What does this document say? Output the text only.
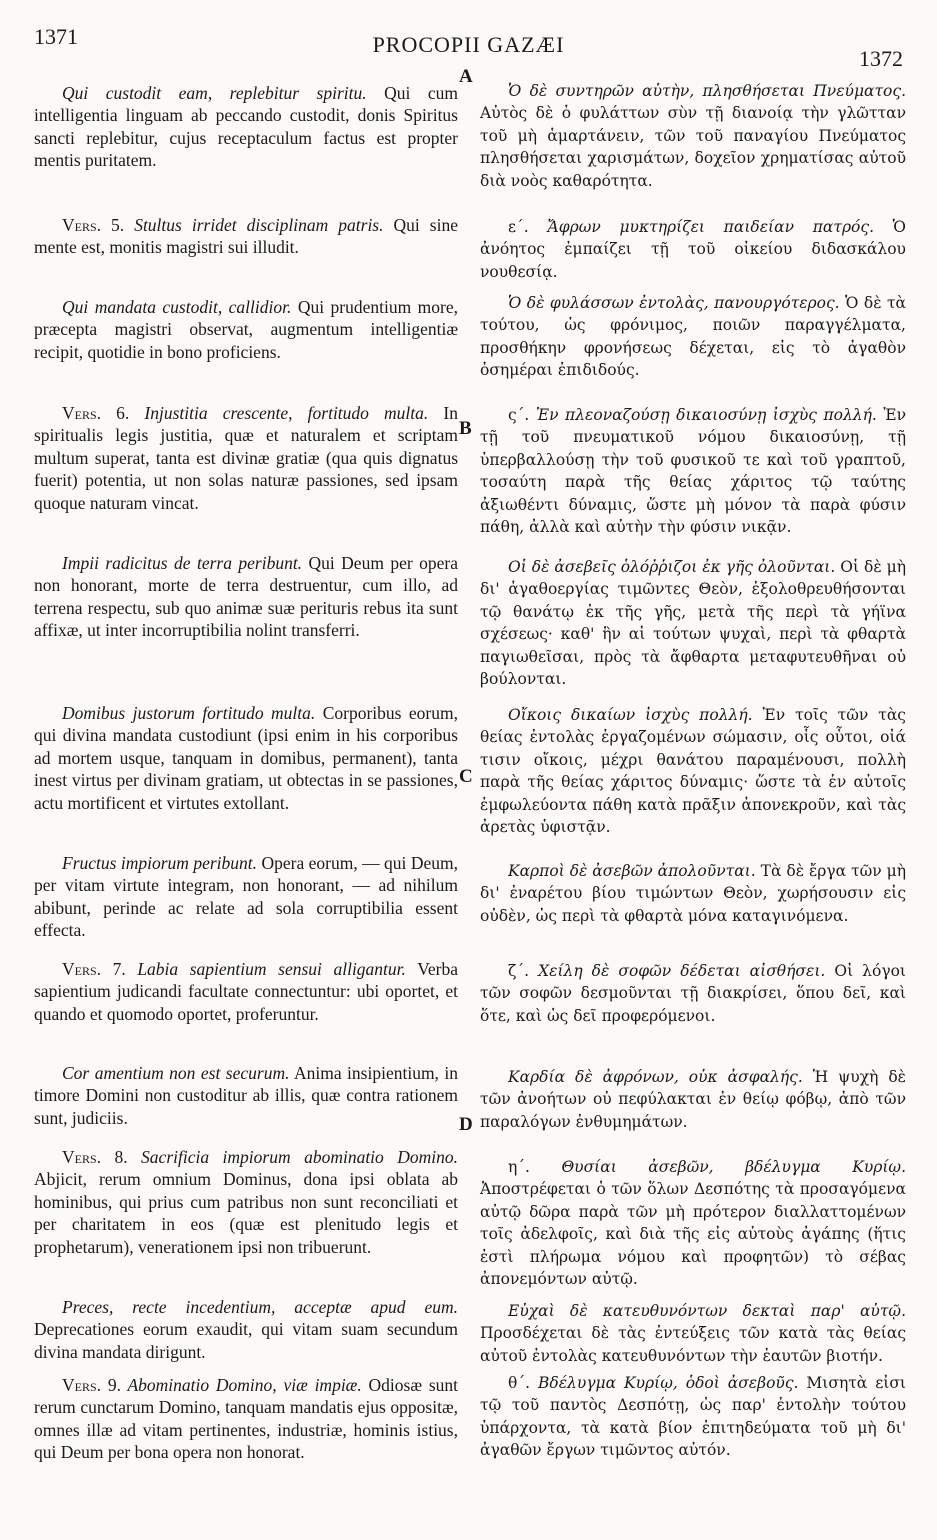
1371	PROCOPII GAZÆI
1372
A
B
C
D

Qui custodit eam, replebitur spiritu. Qui cum intelligentia linguam ab peccando custodit, donis Spiritus sancti replebitur, cujus receptaculum factus est propter mentis puritatem.

Vers. 5. Stultus irridet disciplinam patris. Qui sine mente est, monitis magistri sui illudit.

Qui mandata custodit, callidior. Qui prudentium more, præcepta magistri observat, augmentum intelligentiæ recipit, quotidie in bono proficiens.

Vers. 6. Injustitia crescente, fortitudo multa. In spiritualis legis justitia, quæ et naturalem et scriptam multum superat, tanta est divinæ gratiæ (qua quis dignatus fuerit) potentia, ut non solas naturæ passiones, sed ipsam quoque naturam vincat.

Impii radicitus de terra peribunt. Qui Deum per opera non honorant, morte de terra destruentur, cum illo, ad terrena respectu, sub quo animæ suæ perituris rebus ita sunt affixæ, ut inter incorruptibilia nolint transferri.

Domibus justorum fortitudo multa. Corporibus eorum, qui divina mandata custodiunt (ipsi enim in his corporibus ad mortem usque, tanquam in domibus, permanent), tanta inest virtus per divinam gratiam, ut obtectas in se passiones, actu mortificent et virtutes extollant.

Fructus impiorum peribunt. Opera eorum, — qui Deum, per vitam virtute integram, non honorant, — ad nihilum abibunt, perinde ac relate ad sola corruptibilia essent effecta.

Vers. 7. Labia sapientium sensui alligantur. Verba sapientium judicandi facultate connectuntur: ubi oportet, et quando et quomodo oportet, proferuntur.

Cor amentium non est securum. Anima insipientium, in timore Domini non custoditur ab illis, quæ contra rationem sunt, judiciis.

Vers. 8. Sacrificia impiorum abominatio Domino. Abjicit, rerum omnium Dominus, dona ipsi oblata ab hominibus, qui prius cum patribus non sunt reconciliati et per charitatem in eos (quæ est plenitudo legis et prophetarum), venerationem ipsi non tribuerunt.

Preces, recte incedentium, acceptæ apud eum. Deprecationes eorum exaudit, qui vitam suam secundum divina mandata dirigunt.

Vers. 9. Abominatio Domino, viæ impiæ. Odiosæ sunt rerum cunctarum Domino, tanquam mandatis ejus oppositæ, omnes illæ ad vitam pertinentes, industriæ, hominis istius, qui Deum per bona opera non honorat.

Ὁ δὲ συντηρῶν αὐτὴν, πλησθήσεται Πνεύματος. Αὐτὸς δὲ ὁ φυλάττων σὺν τῇ διανοίᾳ τὴν γλῶτταν τοῦ μὴ ἁμαρτάνειν, τῶν τοῦ παναγίου Πνεύματος πλησθήσεται χαρισμάτων, δοχεῖον χρηματίσας αὐτοῦ διὰ νοὸς καθαρότητα.

ε΄. Ἄφρων μυκτηρίζει παιδείαν πατρός. Ὁ ἀνόητος ἐμπαίζει τῇ τοῦ οἰκείου διδασκάλου νουθεσίᾳ.

Ὁ δὲ φυλάσσων ἐντολὰς, πανουργότερος. Ὁ δὲ τὰ τούτου, ὡς φρόνιμος, ποιῶν παραγγέλματα, προσθήκην φρονήσεως δέχεται, εἰς τὸ ἀγαθὸν ὁσημέραι ἐπιδιδούς.

ς΄. Ἐν πλεοναζούσῃ δικαιοσύνῃ ἰσχὺς πολλή. Ἐν τῇ τοῦ πνευματικοῦ νόμου δικαιοσύνῃ, τῇ ὑπερβαλλούσῃ τὴν τοῦ φυσικοῦ τε καὶ τοῦ γραπτοῦ, τοσαύτη παρὰ τῆς θείας χάριτος τῷ ταύτης ἀξιωθέντι δύναμις, ὥστε μὴ μόνον τὰ παρὰ φύσιν πάθη, ἀλλὰ καὶ αὐτὴν τὴν φύσιν νικᾷν.

Οἱ δὲ ἀσεβεῖς ὁλόῤῥιζοι ἐκ γῆς ὀλοῦνται. Οἱ δὲ μὴ δι' ἀγαθοεργίας τιμῶντες Θεὸν, ἐξολοθρευθήσονται τῷ θανάτῳ ἐκ τῆς γῆς, μετὰ τῆς περὶ τὰ γήϊνα σχέσεως· καθ' ἣν αἱ τούτων ψυχαὶ, περὶ τὰ φθαρτὰ παγιωθεῖσαι, πρὸς τὰ ἄφθαρτα μεταφυτευθῆναι οὐ βούλονται.

Οἴκοις δικαίων ἰσχὺς πολλή. Ἐν τοῖς τῶν τὰς θείας ἐντολὰς ἐργαζομένων σώμασιν, οἷς οὗτοι, οἱά τισιν οἴκοις, μέχρι θανάτου παραμένουσι, πολλὴ παρὰ τῆς θείας χάριτος δύναμις· ὥστε τὰ ἐν αὐτοῖς ἐμφωλεύοντα πάθη κατὰ πρᾶξιν ἀπονεκροῦν, καὶ τὰς ἀρετὰς ὑφιστᾷν.

Καρποὶ δὲ ἀσεβῶν ἀπολοῦνται. Τὰ δὲ ἔργα τῶν μὴ δι' ἐναρέτου βίου τιμώντων Θεὸν, χωρήσουσιν εἰς οὐδὲν, ὡς περὶ τὰ φθαρτὰ μόνα καταγινόμενα.

ζ΄. Χείλη δὲ σοφῶν δέδεται αἰσθήσει. Οἱ λόγοι τῶν σοφῶν δεσμοῦνται τῇ διακρίσει, ὅπου δεῖ, καὶ ὅτε, καὶ ὡς δεῖ προφερόμενοι.

Καρδία δὲ ἀφρόνων, οὐκ ἀσφαλής. Ἡ ψυχὴ δὲ τῶν ἀνοήτων οὐ πεφύλακται ἐν θείῳ φόβῳ, ἀπὸ τῶν παραλόγων ἐνθυμημάτων.

η΄. Θυσίαι ἀσεβῶν, βδέλυγμα Κυρίῳ. Ἀποστρέφεται ὁ τῶν ὅλων Δεσπότης τὰ προσαγόμενα αὐτῷ δῶρα παρὰ τῶν μὴ πρότερον διαλλαττομένων τοῖς ἀδελφοῖς, καὶ διὰ τῆς εἰς αὐτοὺς ἀγάπης (ἥτις ἐστὶ πλήρωμα νόμου καὶ προφητῶν) τὸ σέβας ἀπονεμόντων αὐτῷ.

Εὐχαὶ δὲ κατευθυνόντων δεκταὶ παρ' αὐτῷ. Προσδέχεται δὲ τὰς ἐντεύξεις τῶν κατὰ τὰς θείας αὐτοῦ ἐντολὰς κατευθυνόντων τὴν ἑαυτῶν βιοτήν.

θ΄. Βδέλυγμα Κυρίῳ, ὁδοὶ ἀσεβοῦς. Μισητὰ εἰσι τῷ τοῦ παντὸς Δεσπότῃ, ὡς παρ' ἐντολὴν τούτου ὑπάρχοντα, τὰ κατὰ βίον ἐπιτηδεύματα τοῦ μὴ δι' ἀγαθῶν ἔργων τιμῶντος αὐτόν.
